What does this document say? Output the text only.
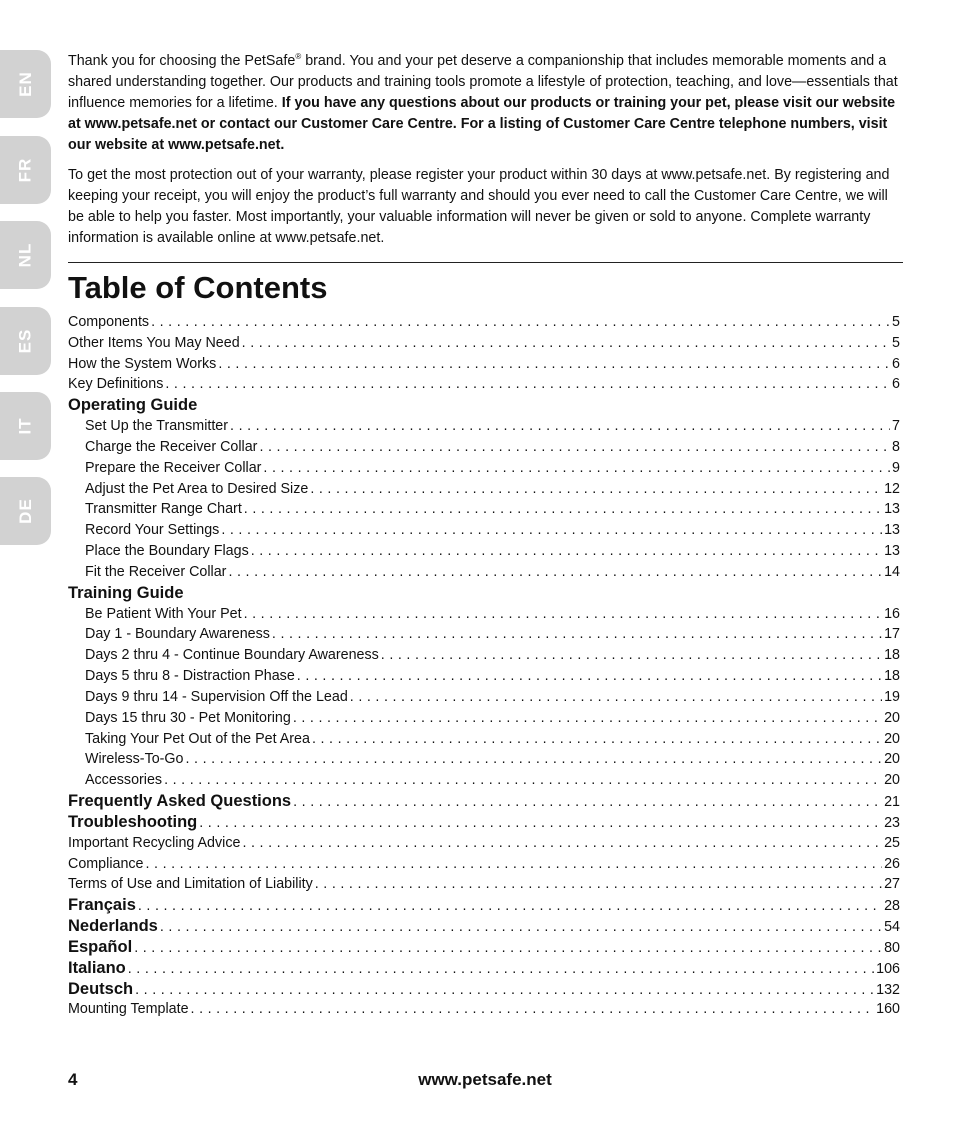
EN
FR
NL
ES
IT
DE

Thank you for choosing the PetSafe® brand. You and your pet deserve a companionship that includes memorable moments and a shared understanding together. Our products and training tools promote a lifestyle of protection, teaching, and love—essentials that influence memories for a lifetime. If you have any questions about our products or training your pet, please visit our website at www.petsafe.net or contact our Customer Care Centre. For a listing of Customer Care Centre telephone numbers, visit our website at www.petsafe.net.

To get the most protection out of your warranty, please register your product within 30 days at www.petsafe.net. By registering and keeping your receipt, you will enjoy the product’s full warranty and should you ever need to call the Customer Care Centre, we will be able to help you faster. Most importantly, your valuable information will never be given or sold to anyone. Complete warranty information is available online at www.petsafe.net.

Table of Contents
Components . . .	5
Other Items You May Need . . .	5
How the System Works . . .	6
Key Definitions . . .	6
Operating Guide
Set Up the Transmitter . . .	7
Charge the Receiver Collar . . .	8
Prepare the Receiver Collar . . .	9
Adjust the Pet Area to Desired Size . . .	12
Transmitter Range Chart . . .	13
Record Your Settings . . .	13
Place the Boundary Flags . . .	13
Fit the Receiver Collar . . .	14
Training Guide
Be Patient With Your Pet . . .	16
Day 1 - Boundary Awareness . . .	17
Days 2 thru 4 - Continue Boundary Awareness . . .	18
Days 5 thru 8 - Distraction Phase . . .	18
Days 9 thru 14 - Supervision Off the Lead . . .	19
Days 15 thru 30 - Pet Monitoring . . .	20
Taking Your Pet Out of the Pet Area . . .	20
Wireless-To-Go . . .	20
Accessories . . .	20
Frequently Asked Questions . . .	21
Troubleshooting . . .	23
Important Recycling Advice . . .	25
Compliance . . .	26
Terms of Use and Limitation of Liability . . .	27
Français . . .	28
Nederlands . . .	54
Español . . .	80
Italiano . . .	106
Deutsch . . .	132
Mounting Template . . .	160
4	www.petsafe.net
